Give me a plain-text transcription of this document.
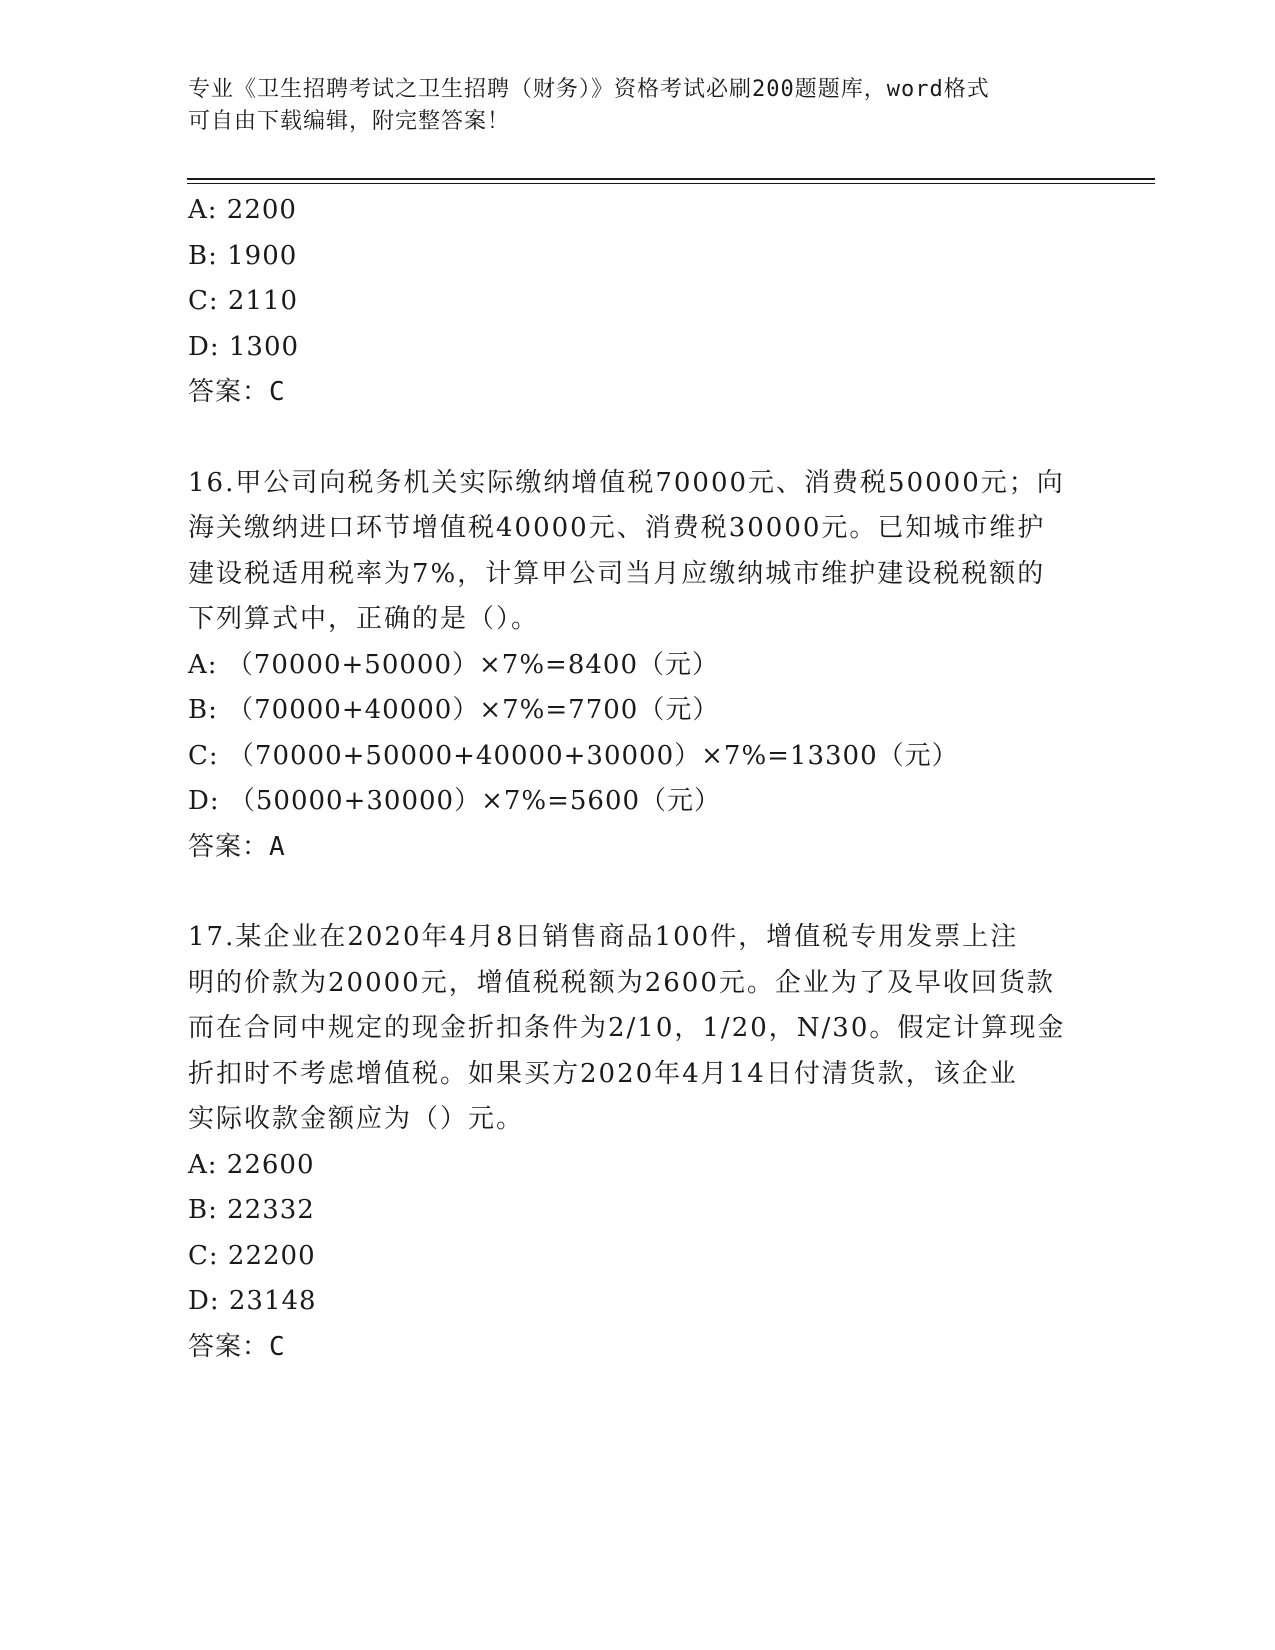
专业《卫生招聘考试之卫生招聘（财务）》资格考试必刷200题题库，word格式
可自由下载编辑，附完整答案！
A: 2200
B: 1900
C: 2110
D: 1300
答案：C
16.甲公司向税务机关实际缴纳增值税70000元、消费税50000元；向
海关缴纳进口环节增值税40000元、消费税30000元。已知城市维护
建设税适用税率为7%，计算甲公司当月应缴纳城市维护建设税税额的
下列算式中，正确的是（）。
A: （70000+50000）×7%=8400（元）
B: （70000+40000）×7%=7700（元）
C: （70000+50000+40000+30000）×7%=13300（元）
D: （50000+30000）×7%=5600（元）
答案：A
17.某企业在2020年4月8日销售商品100件，增值税专用发票上注
明的价款为20000元，增值税税额为2600元。企业为了及早收回货款
而在合同中规定的现金折扣条件为2/10，1/20，N/30。假定计算现金
折扣时不考虑增值税。如果买方2020年4月14日付清货款，该企业
实际收款金额应为（）元。
A: 22600
B: 22332
C: 22200
D: 23148
答案：C
